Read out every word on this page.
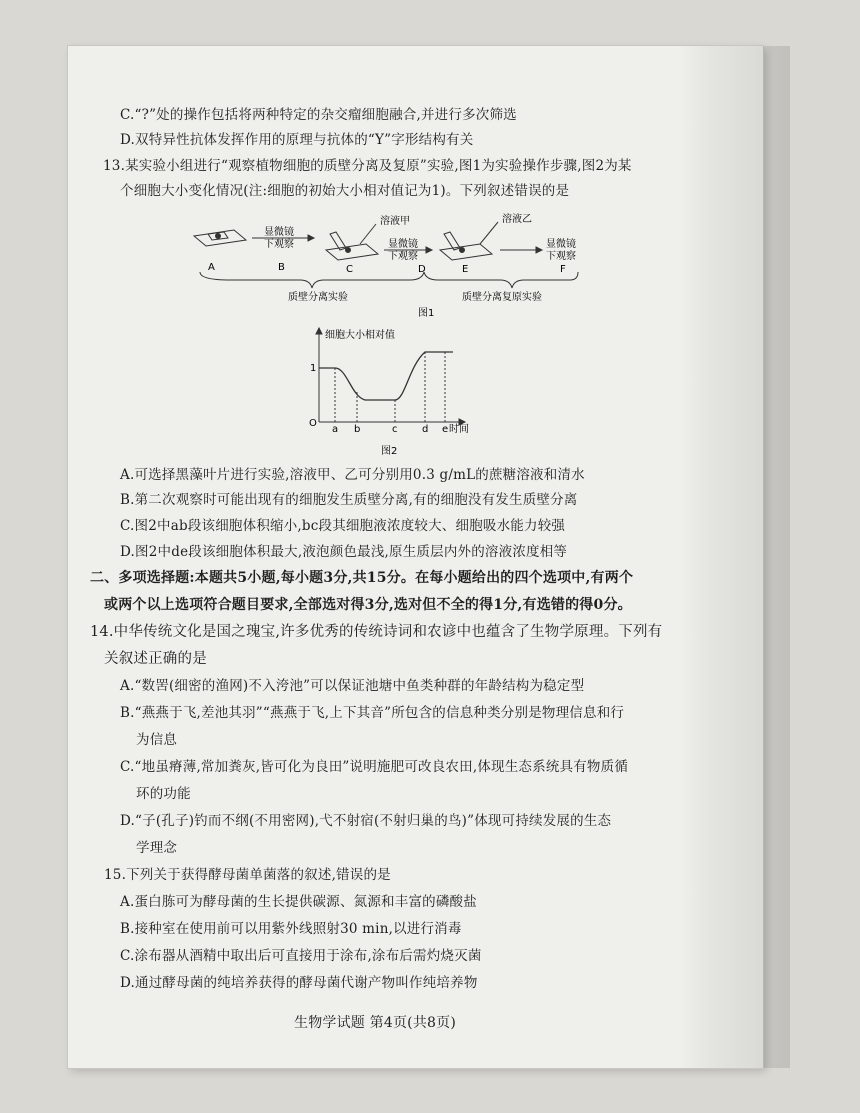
C.“?”处的操作包括将两种特定的杂交瘤细胞融合,并进行多次筛选
D.双特异性抗体发挥作用的原理与抗体的“Y”字形结构有关
13.某实验小组进行“观察植物细胞的质壁分离及复原”实验,图1为实验操作步骤,图2为某
个细胞大小变化情况(注:细胞的初始大小相对值记为1)。下列叙述错误的是
溶液甲	溶液乙
显微镜
下观察	显微镜
下观察
显微镜
下观察
A	B	C	D	E	F
质壁分离实验	质壁分离复原实验
图1
细胞大小相对值
O
1
a b	c d e 时间
图2
A.可选择黑藻叶片进行实验,溶液甲、乙可分别用0.3 g/mL的蔗糖溶液和清水
B.第二次观察时可能出现有的细胞发生质壁分离,有的细胞没有发生质壁分离
C.图2中ab段该细胞体积缩小,bc段其细胞液浓度较大、细胞吸水能力较强
D.图2中de段该细胞体积最大,液泡颜色最浅,原生质层内外的溶液浓度相等
二、多项选择题:本题共5小题,每小题3分,共15分。在每小题给出的四个选项中,有两个
或两个以上选项符合题目要求,全部选对得3分,选对但不全的得1分,有选错的得0分。
14.中华传统文化是国之瑰宝,许多优秀的传统诗词和农谚中也蕴含了生物学原理。下列有
关叙述正确的是
A.“数罟(细密的渔网)不入洿池”可以保证池塘中鱼类种群的年龄结构为稳定型
B.“燕燕于飞,差池其羽”“燕燕于飞,上下其音”所包含的信息种类分别是物理信息和行
为信息
C.“地虽瘠薄,常加粪灰,皆可化为良田”说明施肥可改良农田,体现生态系统具有物质循
环的功能
D.“子(孔子)钓而不纲(不用密网),弋不射宿(不射归巢的鸟)”体现可持续发展的生态
学理念
15.下列关于获得酵母菌单菌落的叙述,错误的是
A.蛋白胨可为酵母菌的生长提供碳源、氮源和丰富的磷酸盐
B.接种室在使用前可以用紫外线照射30 min,以进行消毒
C.涂布器从酒精中取出后可直接用于涂布,涂布后需灼烧灭菌
D.通过酵母菌的纯培养获得的酵母菌代谢产物叫作纯培养物
生物学试题 第4页(共8页)
